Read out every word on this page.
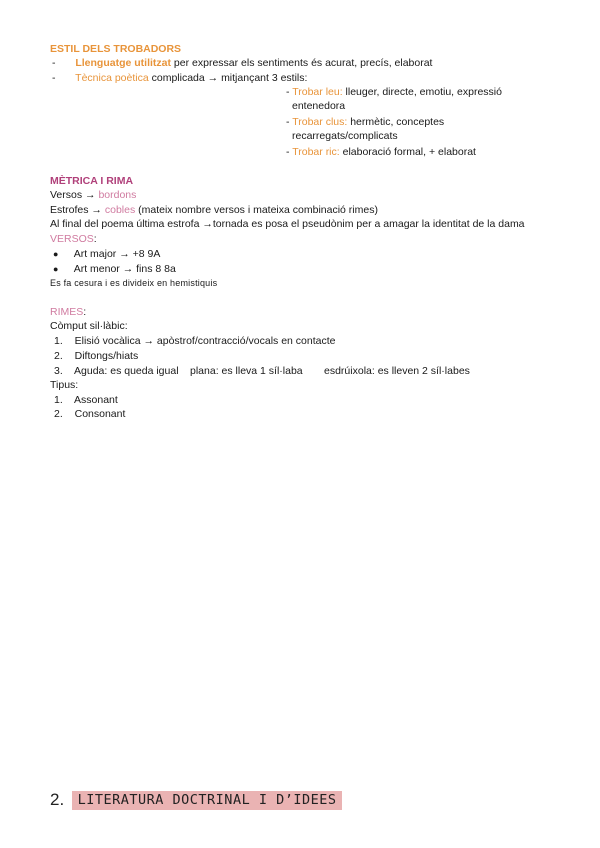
ESTIL DELS TROBADORS
- Llenguatge utilitzat per expressar els sentiments és acurat, precís, elaborat
- Tècnica poètica complicada → mitjançant 3 estils:
- Trobar leu: lleuger, directe, emotiu, expressió
entenedora
- Trobar clus: hermètic, conceptes
recarregats/complicats
- Trobar ric: elaboració formal, + elaborat
MÈTRICA I RIMA
Versos → bordons
Estrofes → cobles (mateix nombre versos i mateixa combinació rimes)
Al final del poema última estrofa →tornada es posa el pseudònim per a amagar la identitat de la dama
VERSOS:
● Art major → +8 9A
● Art menor → fins 8 8a
Es fa cesura i es divideix en hemistiquis
RIMES:
Còmput sil·làbic:
1. Elisió vocàlica → apòstrof/contracció/vocals en contacte
2. Diftongs/hiats
3. Aguda: es queda igual plana: es lleva 1 síl·laba esdrúixola: es lleven 2 síl·labes
Tipus:
1. Assonant
2. Consonant
2. LITERATURA DOCTRINAL I D’IDEES
